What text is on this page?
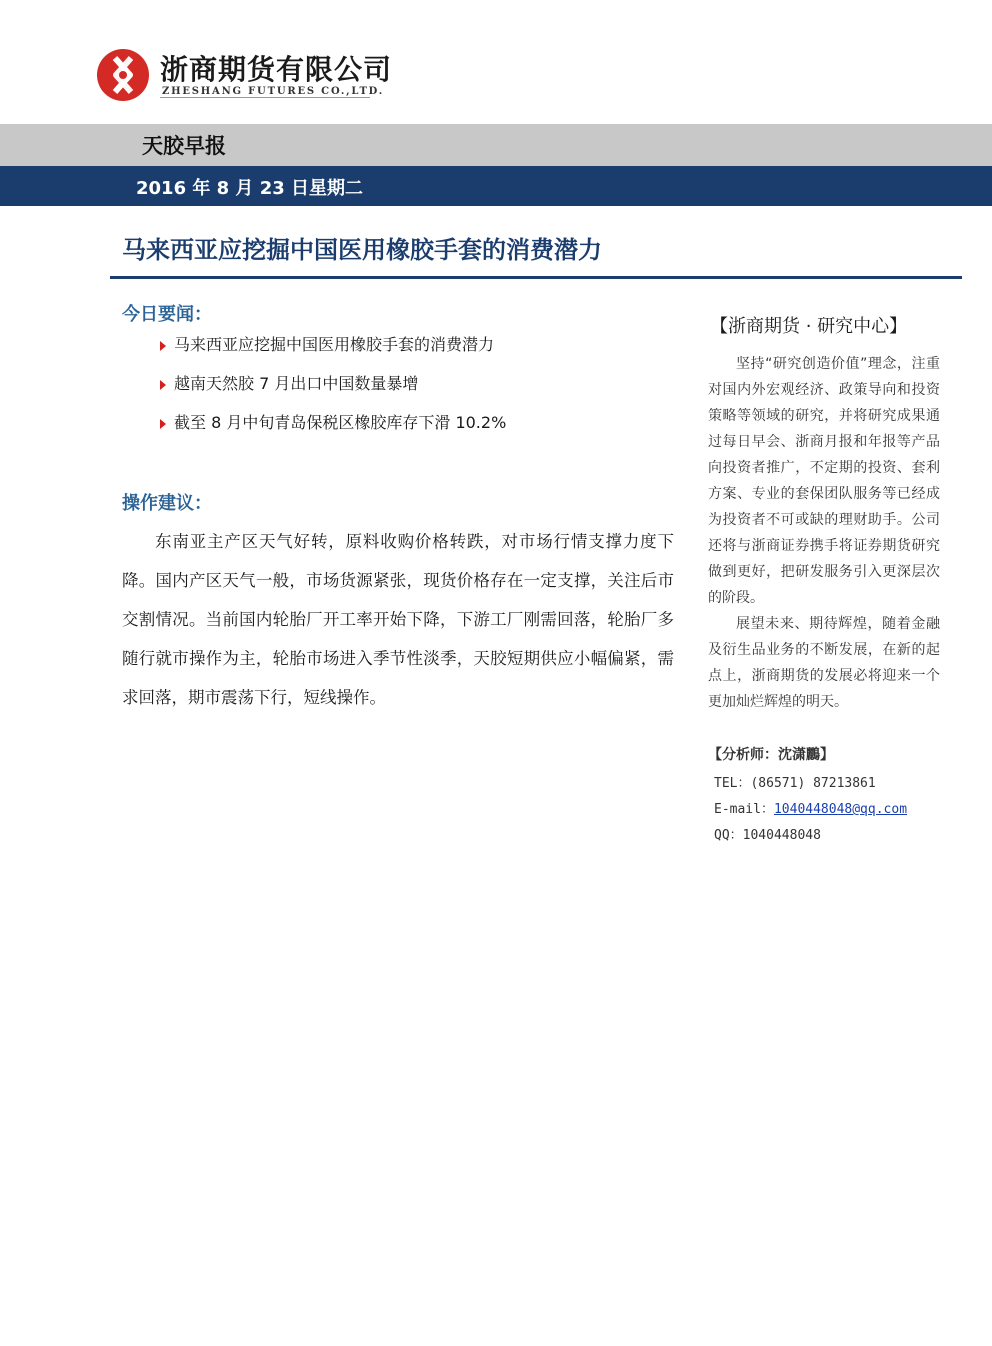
浙商期货有限公司
ZHESHANG FUTURES CO.,LTD.
天胶早报
2016 年 8 月 23 日星期二
马来西亚应挖掘中国医用橡胶手套的消费潜力
今日要闻：
马来西亚应挖掘中国医用橡胶手套的消费潜力
越南天然胶 7 月出口中国数量暴增
截至 8 月中旬青岛保税区橡胶库存下滑 10.2%
操作建议：

东南亚主产区天气好转，原料收购价格转跌，对市场行情支撑力度下降。国内产区天气一般，市场货源紧张，现货价格存在一定支撑，关注后市交割情况。当前国内轮胎厂开工率开始下降，下游工厂刚需回落，轮胎厂多随行就市操作为主，轮胎市场进入季节性淡季，天胶短期供应小幅偏紧，需求回落，期市震荡下行，短线操作。

【浙商期货 · 研究中心】

坚持“研究创造价值”理念，注重对国内外宏观经济、政策导向和投资策略等领域的研究，并将研究成果通过每日早会、浙商月报和年报等产品向投资者推广，不定期的投资、套利方案、专业的套保团队服务等已经成为投资者不可或缺的理财助手。公司还将与浙商证券携手将证券期货研究做到更好，把研发服务引入更深层次的阶段。

展望未来、期待辉煌，随着金融及衍生品业务的不断发展，在新的起点上，浙商期货的发展必将迎来一个更加灿烂辉煌的明天。

【分析师：沈潇鸝】
TEL：(86571) 87213861
E-mail：1040448048@qq.com
QQ：1040448048
